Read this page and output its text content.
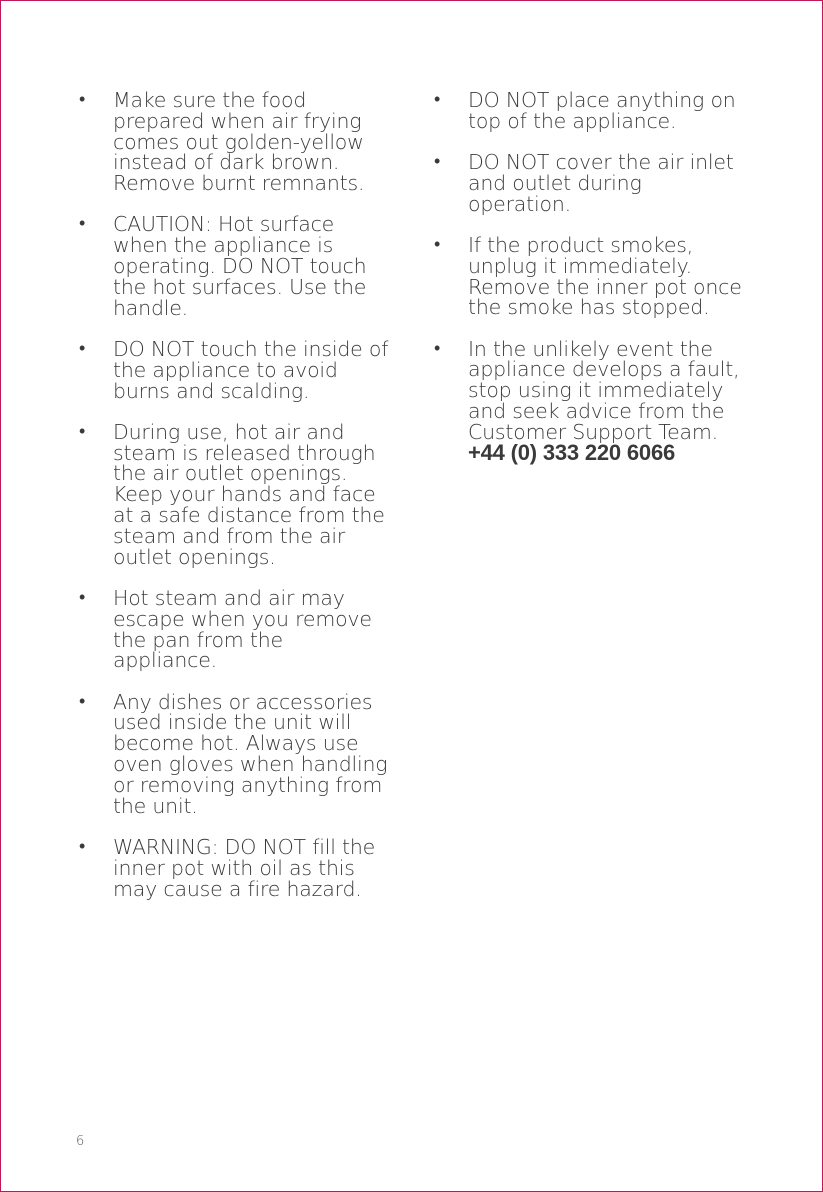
• Make sure the food prepared when air frying comes out golden-yellow instead of dark brown. Remove burnt remnants.
• CAUTION: Hot surface when the appliance is operating. DO NOT touch the hot surfaces. Use the handle.
• DO NOT touch the inside of the appliance to avoid burns and scalding.
• During use, hot air and steam is released through the air outlet openings. Keep your hands and face at a safe distance from the steam and from the air outlet openings.
• Hot steam and air may escape when you remove the pan from the appliance.
• Any dishes or accessories used inside the unit will become hot. Always use oven gloves when handling or removing anything from the unit.
• WARNING: DO NOT fill the inner pot with oil as this may cause a fire hazard.
• DO NOT place anything on top of the appliance.
• DO NOT cover the air inlet and outlet during operation.
• If the product smokes, unplug it immediately. Remove the inner pot once the smoke has stopped.
• In the unlikely event the appliance develops a fault, stop using it immediately and seek advice from the Customer Support Team.
+44 (0) 333 220 6066
6
